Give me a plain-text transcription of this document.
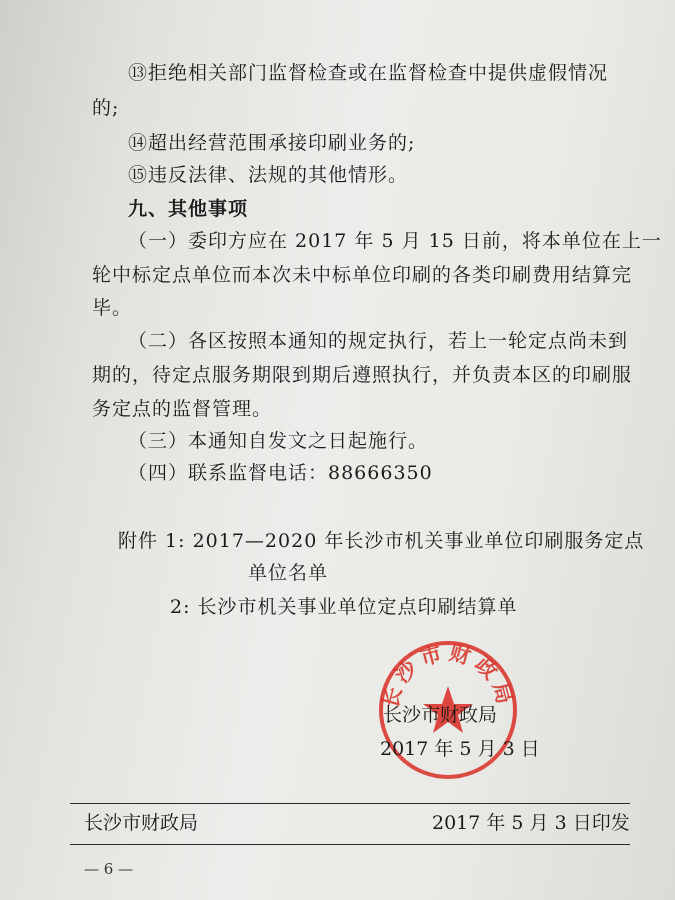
⑬拒绝相关部门监督检查或在监督检查中提供虚假情况
的;
⑭超出经营范围承接印刷业务的;
⑮违反法律、法规的其他情形。
九、其他事项
（一）委印方应在 2017 年 5 月 15 日前，将本单位在上一
轮中标定点单位而本次未中标单位印刷的各类印刷费用结算完
毕。
（二）各区按照本通知的规定执行，若上一轮定点尚未到
期的，待定点服务期限到期后遵照执行，并负责本区的印刷服
务定点的监督管理。
（三）本通知自发文之日起施行。
（四）联系监督电话：88666350
附件 1: 2017—2020 年长沙市机关事业单位印刷服务定点
单位名单
2: 长沙市机关事业单位定点印刷结算单
长沙市财政局
长沙市财政局
2017 年 5 月 3 日
长沙市财政局	2017 年 5 月 3 日印发
— 6 —
